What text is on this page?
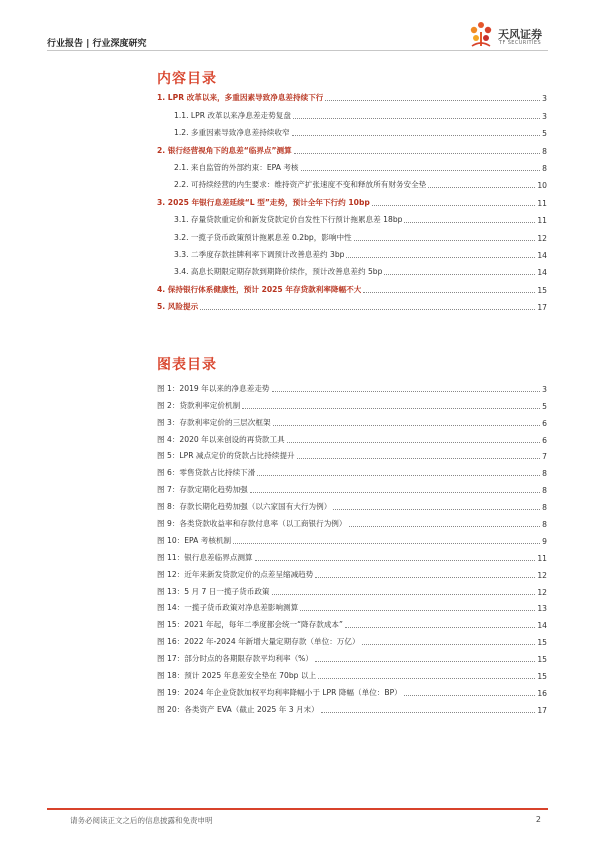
行业报告 | 行业深度研究
天风证券
TF SECURITIES
内容目录
1. LPR 改革以来，多重因素导致净息差持续下行	3
1.1. LPR 改革以来净息差走势复盘	3
1.2. 多重因素导致净息差持续收窄	5
2. 银行经营视角下的息差“临界点”测算	8
2.1. 来自监管的外部约束：EPA 考核	8
2.2. 可持续经营的内生要求：维持资产扩张速度不变和释放所有财务安全垫	10
3. 2025 年银行息差延续“L 型”走势，预计全年下行约 10bp	11
3.1. 存量贷款重定价和新发贷款定价自发性下行预计拖累息差 18bp	11
3.2. 一揽子货币政策预计拖累息差 0.2bp，影响中性	12
3.3. 二季度存款挂牌利率下调预计改善息差约 3bp	14
3.4. 高息长期限定期存款到期降价续作，预计改善息差约 5bp	14
4. 保持银行体系健康性，预计 2025 年存贷款利率降幅不大	15
5. 风险提示	17
图表目录
图 1：2019 年以来的净息差走势	3
图 2：贷款利率定价机制	5
图 3：存款利率定价的三层次框架	6
图 4：2020 年以来创设的再贷款工具	6
图 5：LPR 减点定价的贷款占比持续提升	7
图 6：零售贷款占比持续下滑	8
图 7：存款定期化趋势加强	8
图 8：存款长期化趋势加强（以六家国有大行为例）	8
图 9：各类贷款收益率和存款付息率（以工商银行为例）	8
图 10：EPA 考核机制	9
图 11：银行息差临界点测算	11
图 12：近年来新发贷款定价的点差呈缩减趋势	12
图 13：5 月 7 日一揽子货币政策	12
图 14：一揽子货币政策对净息差影响测算	13
图 15：2021 年起，每年二季度都会统一“降存款成本”	14
图 16：2022 年-2024 年新增大量定期存款（单位：万亿）	15
图 17：部分时点的各期限存款平均利率（%）	15
图 18：预计 2025 年息差安全垫在 70bp 以上	15
图 19：2024 年企业贷款加权平均利率降幅小于 LPR 降幅（单位：BP）	16
图 20：各类资产 EVA（截止 2025 年 3 月末）	17
请务必阅读正文之后的信息披露和免责申明	2
